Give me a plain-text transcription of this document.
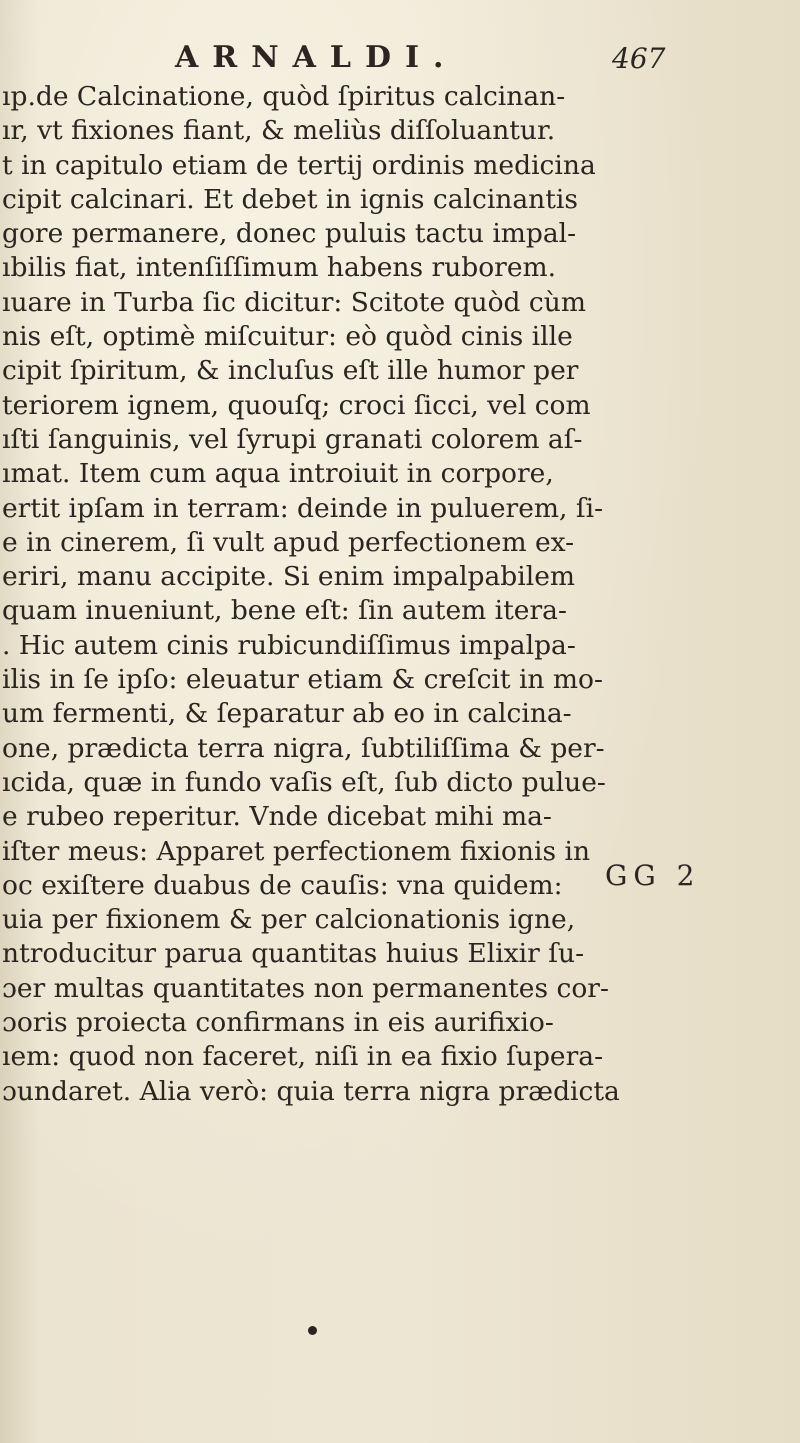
ARNALDI.	467
ıp.de Calcinatione, quòd ſpiritus calcinan-
ır, vt fixiones fiant, & meliùs diſſoluantur.
t in capitulo etiam de tertij ordinis medicina
cipit calcinari. Et debet in ignis calcinantis
gore permanere, donec puluis tactu impal-
ıbilis fiat, intenſiſſimum habens ruborem.
ıuare in Turba ſic dicitur: Scitote quòd cùm
nis eſt, optimè miſcuitur: eò quòd cinis ille
cipit ſpiritum, & incluſus eſt ille humor per
teriorem ignem, quouſq; croci ſicci, vel com
ıſti ſanguinis, vel ſyrupi granati colorem aſ-
ımat. Item cum aqua introiuit in corpore,
ertit ipſam in terram: deinde in puluerem, ſi-
e in cinerem, ſi vult apud perfectionem ex-
eriri, manu accipite. Si enim impalpabilem
quam inueniunt, bene eſt: ſin autem itera-
. Hic autem cinis rubicundiſſimus impalpa-
ilis in ſe ipſo: eleuatur etiam & creſcit in mo-
um fermenti, & ſeparatur ab eo in calcina-
one, prædicta terra nigra, ſubtiliſſima & per-
ıcida, quæ in fundo vaſis eſt, ſub dicto pulue-
e rubeo reperitur. Vnde dicebat mihi ma-
iſter meus: Apparet perfectionem fixionis in
oc exiſtere duabus de cauſis: vna quidem:
uia per fixionem & per calcionationis igne,
ntroducitur parua quantitas huius Elixir ſu-
ɔer multas quantitates non permanentes cor-
ɔoris proiecta confirmans in eis aurifixio-
ıem: quod non faceret, niſi in ea fixio ſupera-
ɔundaret. Alia verò: quia terra nigra prædicta
GG 2
